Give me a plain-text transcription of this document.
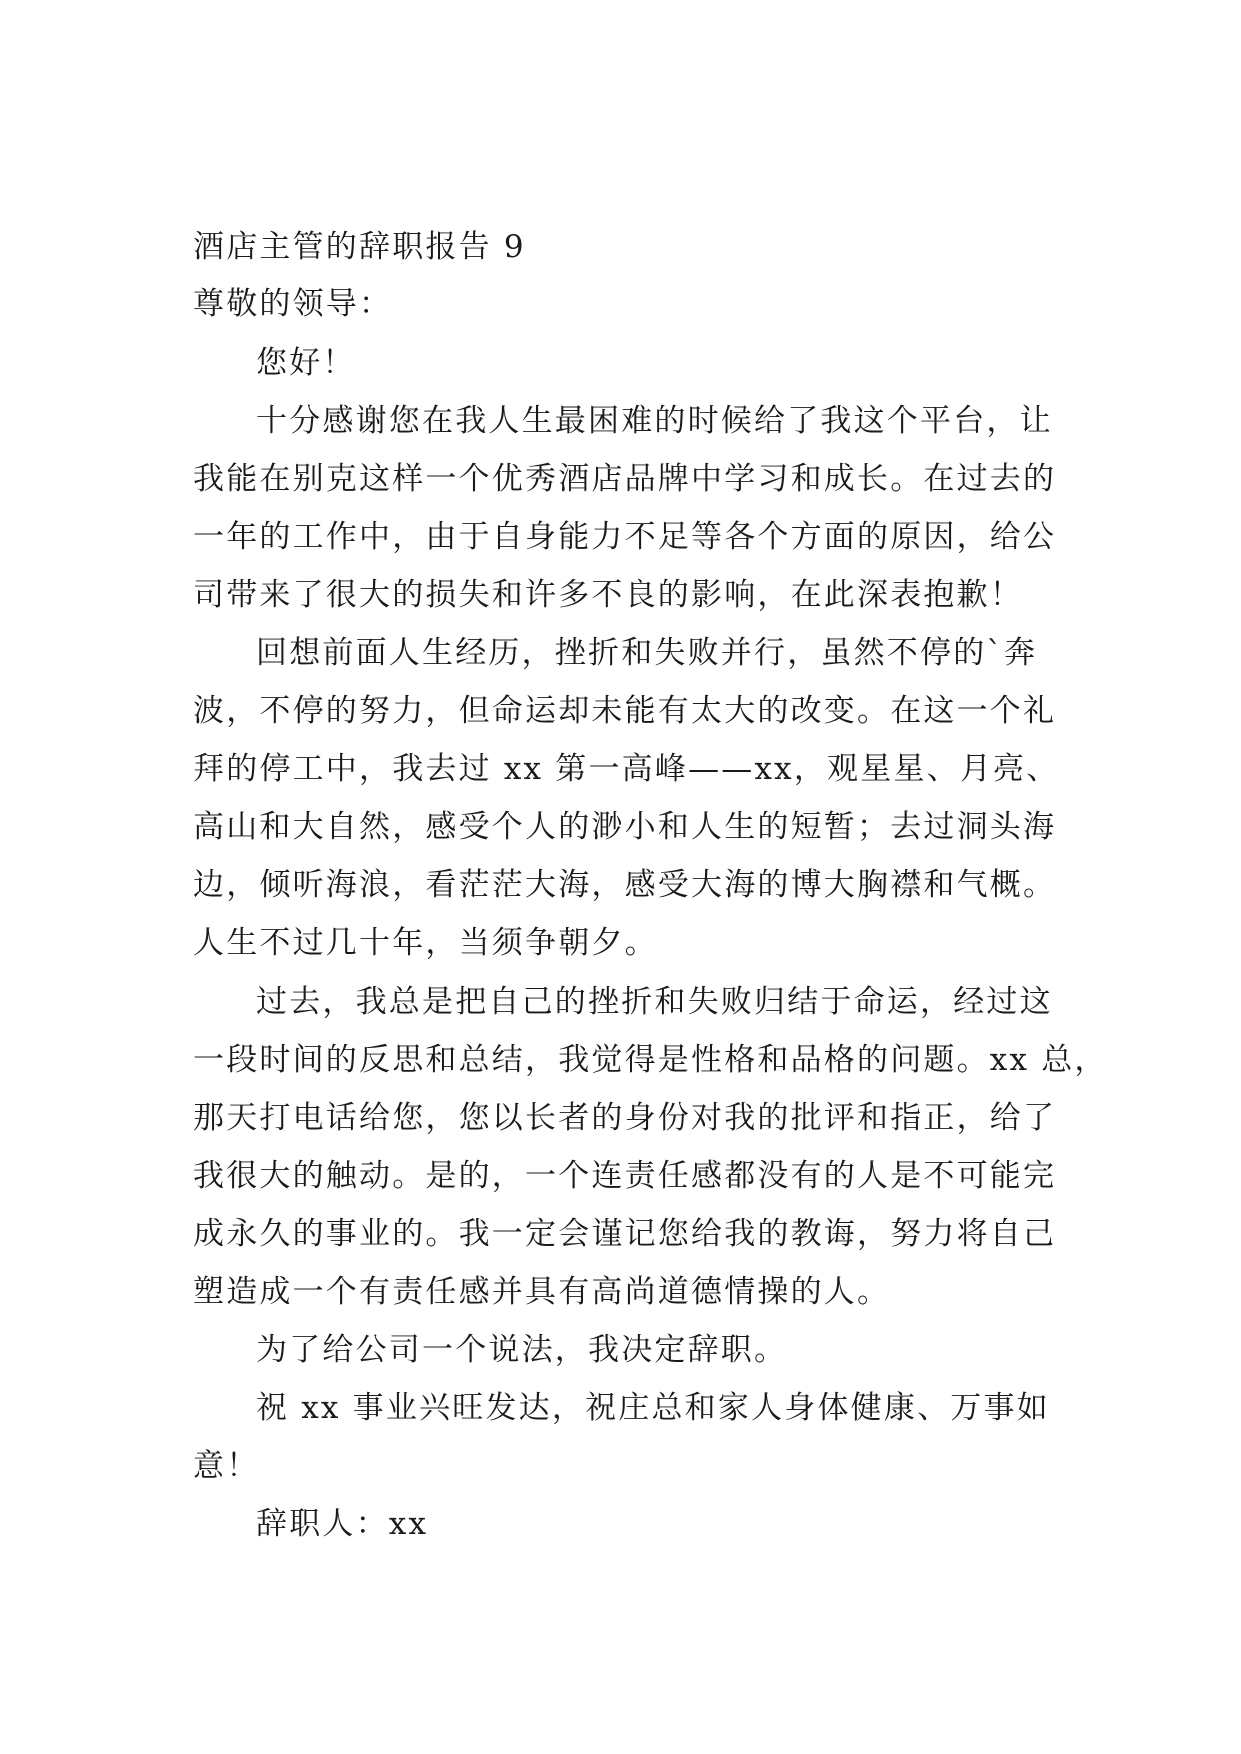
酒店主管的辞职报告 9
尊敬的领导：
您好！
十分感谢您在我人生最困难的时候给了我这个平台，让
我能在别克这样一个优秀酒店品牌中学习和成长。在过去的
一年的工作中，由于自身能力不足等各个方面的原因，给公
司带来了很大的损失和许多不良的影响，在此深表抱歉！
回想前面人生经历，挫折和失败并行，虽然不停的`奔
波，不停的努力，但命运却未能有太大的改变。在这一个礼
拜的停工中，我去过 xx 第一高峰——xx，观星星、月亮、
高山和大自然，感受个人的渺小和人生的短暂；去过洞头海
边，倾听海浪，看茫茫大海，感受大海的博大胸襟和气概。
人生不过几十年，当须争朝夕。
过去，我总是把自己的挫折和失败归结于命运，经过这
一段时间的反思和总结，我觉得是性格和品格的问题。xx 总，
那天打电话给您，您以长者的身份对我的批评和指正，给了
我很大的触动。是的，一个连责任感都没有的人是不可能完
成永久的事业的。我一定会谨记您给我的教诲，努力将自己
塑造成一个有责任感并具有高尚道德情操的人。
为了给公司一个说法，我决定辞职。
祝 xx 事业兴旺发达，祝庄总和家人身体健康、万事如
意！
辞职人：xx
